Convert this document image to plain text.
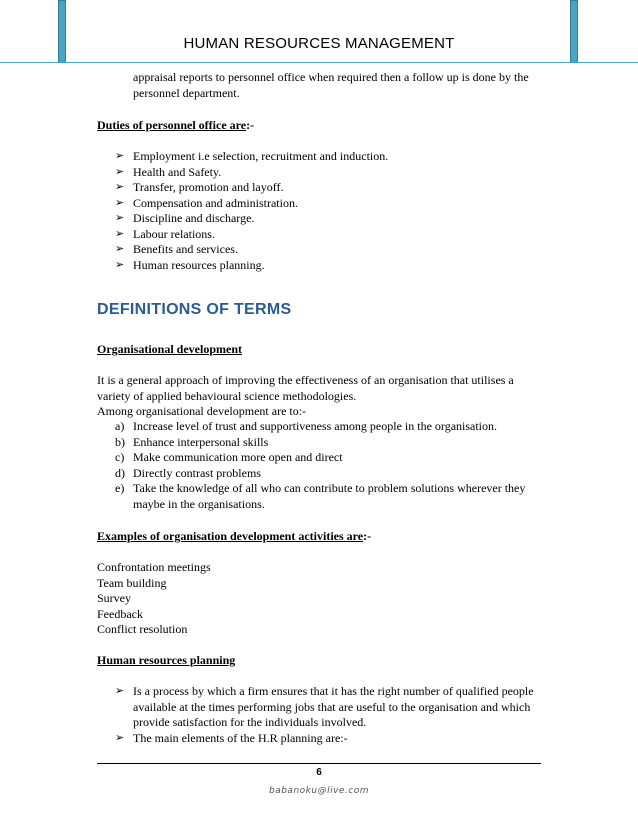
HUMAN RESOURCES MANAGEMENT
appraisal reports to personnel office when required then a follow up is done by the
personnel department.
Duties of personnel office are:-
➢ Employment i.e selection, recruitment and induction.
➢ Health and Safety.
➢ Transfer, promotion and layoff.
➢ Compensation and administration.
➢ Discipline and discharge.
➢ Labour relations.
➢ Benefits and services.
➢ Human resources planning.
DEFINITIONS OF TERMS
Organisational development
It is a general approach of improving the effectiveness of an organisation that utilises a
variety of applied behavioural science methodologies.
Among organisational development are to:-
a) Increase level of trust and supportiveness among people in the organisation.
b) Enhance interpersonal skills
c) Make communication more open and direct
d) Directly contrast problems
e) Take the knowledge of all who can contribute to problem solutions wherever they
maybe in the organisations.
Examples of organisation development activities are:-
Confrontation meetings
Team building
Survey
Feedback
Conflict resolution
Human resources planning
➢ Is a process by which a firm ensures that it has the right number of qualified people
available at the times performing jobs that are useful to the organisation and which
provide satisfaction for the individuals involved.
➢ The main elements of the H.R planning are:-
6
babanoku@live.com
